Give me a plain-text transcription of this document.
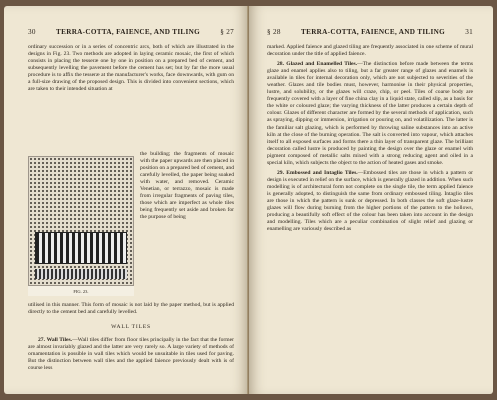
30	TERRA-COTTA, FAIENCE, AND TILING	§ 27

ordinary succession or in a series of concentric arcs, both of which are illustrated in the designs in Fig. 23. Two methods are adopted in laying ceramic mosaic, the first of which consists in placing the tesseræ one by one in position on a prepared bed of cement, and subsequently levelling the pavement before the cement has set; but by far the more usual procedure is to affix the tesseræ at the manufacturer's works, face downwards, with gum on a full-size drawing of the proposed design. This is divided into convenient sections, which are taken to their intended situation at

FIG. 23.

the building; the fragments of mosaic with the paper upwards are then placed in position on a prepared bed of cement, and carefully levelled, the paper being soaked with water, and removed. Ceramic Venetian, or terrazzo, mosaic is made from irregular fragments of paving tiles, those which are imperfect as whole tiles being frequently set aside and broken for the purpose of being

utilised in this manner. This form of mosaic is not laid by the paper method, but is applied directly to the cement bed and carefully levelled.

WALL TILES

27. Wall Tiles.—Wall tiles differ from floor tiles principally in the fact that the former are almost invariably glazed and the latter are very rarely so. A large variety of methods of ornamentation is possible in wall tiles which would be unsuitable in tiles used for paving. But the distinction between wall tiles and the applied faience previously dealt with is of course less

§ 28	TERRA-COTTA, FAIENCE, AND TILING	31

marked. Applied faience and glazed tiling are frequently associated in one scheme of mural decoration under the title of applied faience.

28. Glazed and Enamelled Tiles.—The distinction before made between the terms glaze and enamel applies also to tiling, but a far greater range of glazes and enamels is available in tiles for internal decoration only, which are not subjected to severities of the weather. Glazes and tile bodies must, however, harmonise in their physical properties, lustre, and solubility, or the glazes will craze, chip, or peel. Tiles of coarse body are frequently covered with a layer of fine china clay in a liquid state, called slip, as a basis for the white or coloured glaze; the varying thickness of the latter produces a certain depth of colour. Glazes of different character are formed by the several methods of application, such as spraying, dipping or immersion, irrigation or pouring on, and volatilization. The latter is the familiar salt glazing, which is performed by throwing saline substances into an active kiln at the close of the burning operation. The salt is converted into vapour, which attaches itself to all exposed surfaces and forms there a thin layer of transparent glaze. The brilliant decoration called lustre is produced by painting the design over the glaze or enamel with pigment composed of metallic salts mixed with a strong reducing agent and oiled in a special kiln, which subjects the object to the action of heated gases and smoke.

29. Embossed and Intaglio Tiles.—Embossed tiles are those in which a pattern or design is executed in relief on the surface, which is generally glazed in addition. When such modelling is of architectural form not complete on the single tile, the term applied faience is generally adopted, to distinguish the same from ordinary embossed tiling. Intaglio tiles are those in which the pattern is sunk or depressed. In both classes the soft glaze-lustre glazes will flow during burning from the higher portions of the pattern to the hollows, producing a beautifully soft effect of the colour has been taken into account in the design and modelling. Tiles which are a peculiar combination of slight relief and glazing or enamelling are variously described as
